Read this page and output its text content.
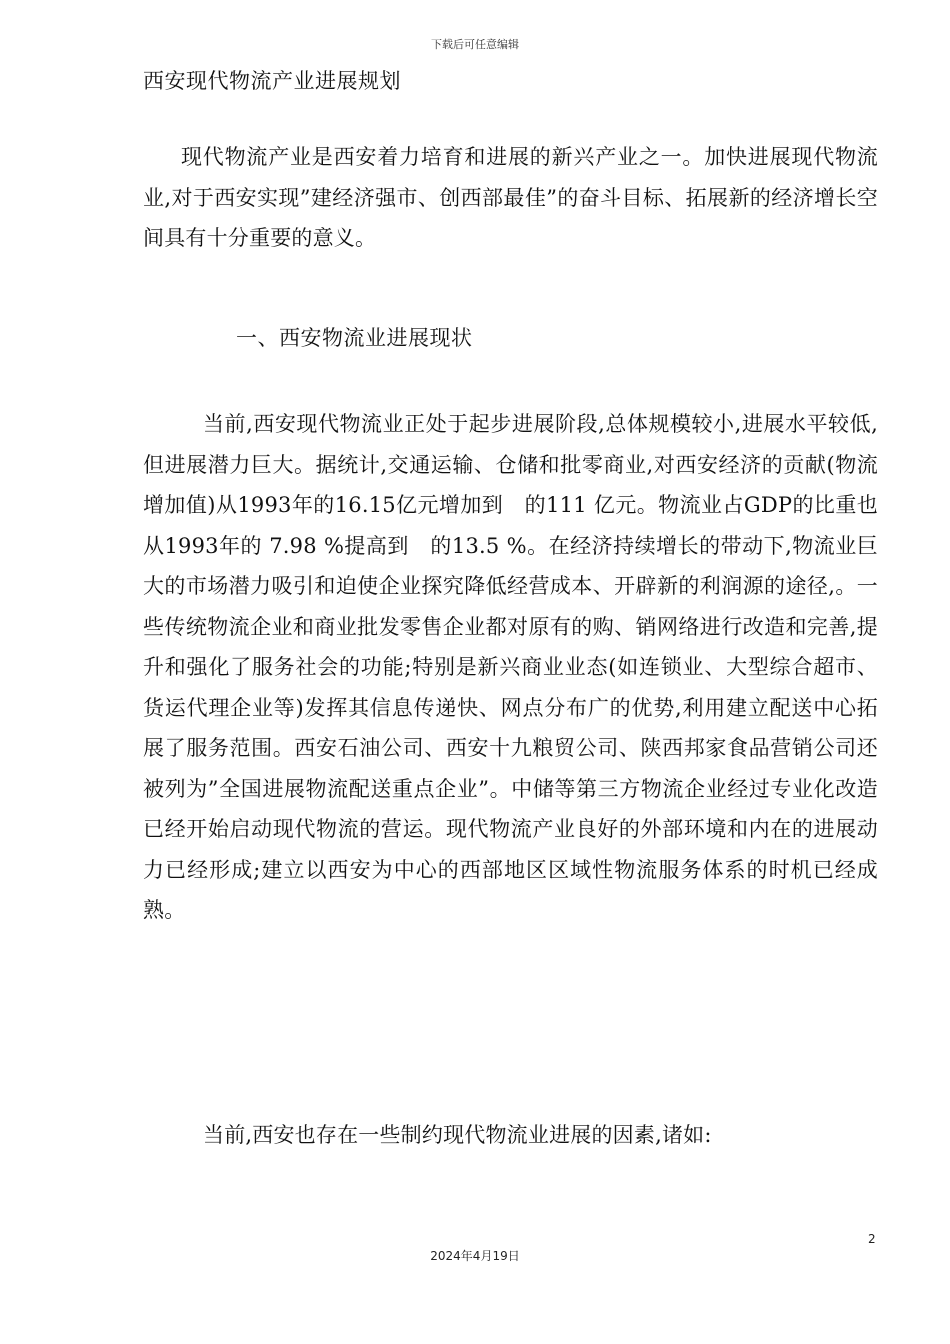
下载后可任意编辑
西安现代物流产业进展规划

现代物流产业是西安着力培育和进展的新兴产业之一。加快进展现代物流业,对于西安实现”建经济强市、创西部最佳”的奋斗目标、拓展新的经济增长空间具有十分重要的意义。

一、西安物流业进展现状

当前,西安现代物流业正处于起步进展阶段,总体规模较小,进展水平较低,但进展潜力巨大。据统计,交通运输、仓储和批零商业,对西安经济的贡献(物流增加值)从1993年的16.15亿元增加到　的111 亿元。物流业占GDP的比重也从1993年的 7.98 %提高到　的13.5 %。在经济持续增长的带动下,物流业巨大的市场潜力吸引和迫使企业探究降低经营成本、开辟新的利润源的途径,。一些传统物流企业和商业批发零售企业都对原有的购、销网络进行改造和完善,提升和强化了服务社会的功能;特别是新兴商业业态(如连锁业、大型综合超市、货运代理企业等)发挥其信息传递快、网点分布广的优势,利用建立配送中心拓展了服务范围。西安石油公司、西安十九粮贸公司、陕西邦家食品营销公司还被列为”全国进展物流配送重点企业”。中储等第三方物流企业经过专业化改造已经开始启动现代物流的营运。现代物流产业良好的外部环境和内在的进展动力已经形成;建立以西安为中心的西部地区区域性物流服务体系的时机已经成熟。

当前,西安也存在一些制约现代物流业进展的因素,诸如:

2
2024年4月19日
